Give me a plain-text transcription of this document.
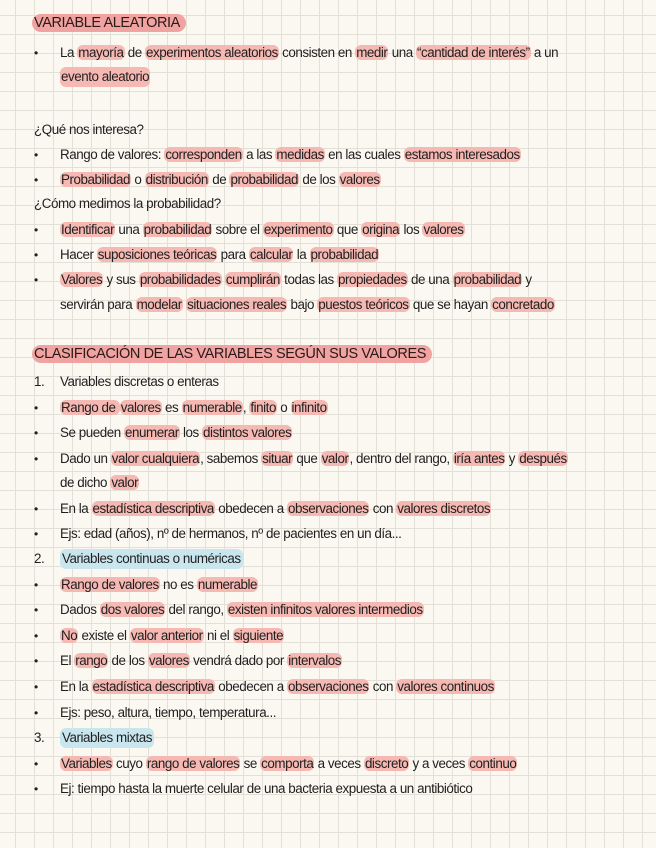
VARIABLE ALEATORIA
•	La mayoría de experimentos aleatorios consisten en medir una “cantidad de interés” a un
evento aleatorio
¿Qué nos interesa?
•	Rango de valores: corresponden a las medidas en las cuales estamos interesados
•	Probabilidad o distribución de probabilidad de los valores
¿Cómo medimos la probabilidad?
•	Identificar una probabilidad sobre el experimento que origina los valores
•	Hacer suposiciones teóricas para calcular la probabilidad
•	Valores y sus probabilidades cumplirán todas las propiedades de una probabilidad y
servirán para modelar situaciones reales bajo puestos teóricos que se hayan concretado
CLASIFICACIÓN DE LAS VARIABLES SEGÚN SUS VALORES
1. Variables discretas o enteras
•	Rango de valores es numerable, finito o infinito
•	Se pueden enumerar los distintos valores
•	Dado un valor cualquiera, sabemos situar que valor, dentro del rango, iría antes y después
de dicho valor
•	En la estadística descriptiva obedecen a observaciones con valores discretos
•	Ejs: edad (años), nº de hermanos, nº de pacientes en un día...
2. Variables continuas o numéricas
•	Rango de valores no es numerable
•	Dados dos valores del rango, existen infinitos valores intermedios
•	No existe el valor anterior ni el siguiente
•	El rango de los valores vendrá dado por intervalos
•	En la estadística descriptiva obedecen a observaciones con valores continuos
•	Ejs: peso, altura, tiempo, temperatura...
3. Variables mixtas
•	Variables cuyo rango de valores se comporta a veces discreto y a veces continuo
•	Ej: tiempo hasta la muerte celular de una bacteria expuesta a un antibiótico
